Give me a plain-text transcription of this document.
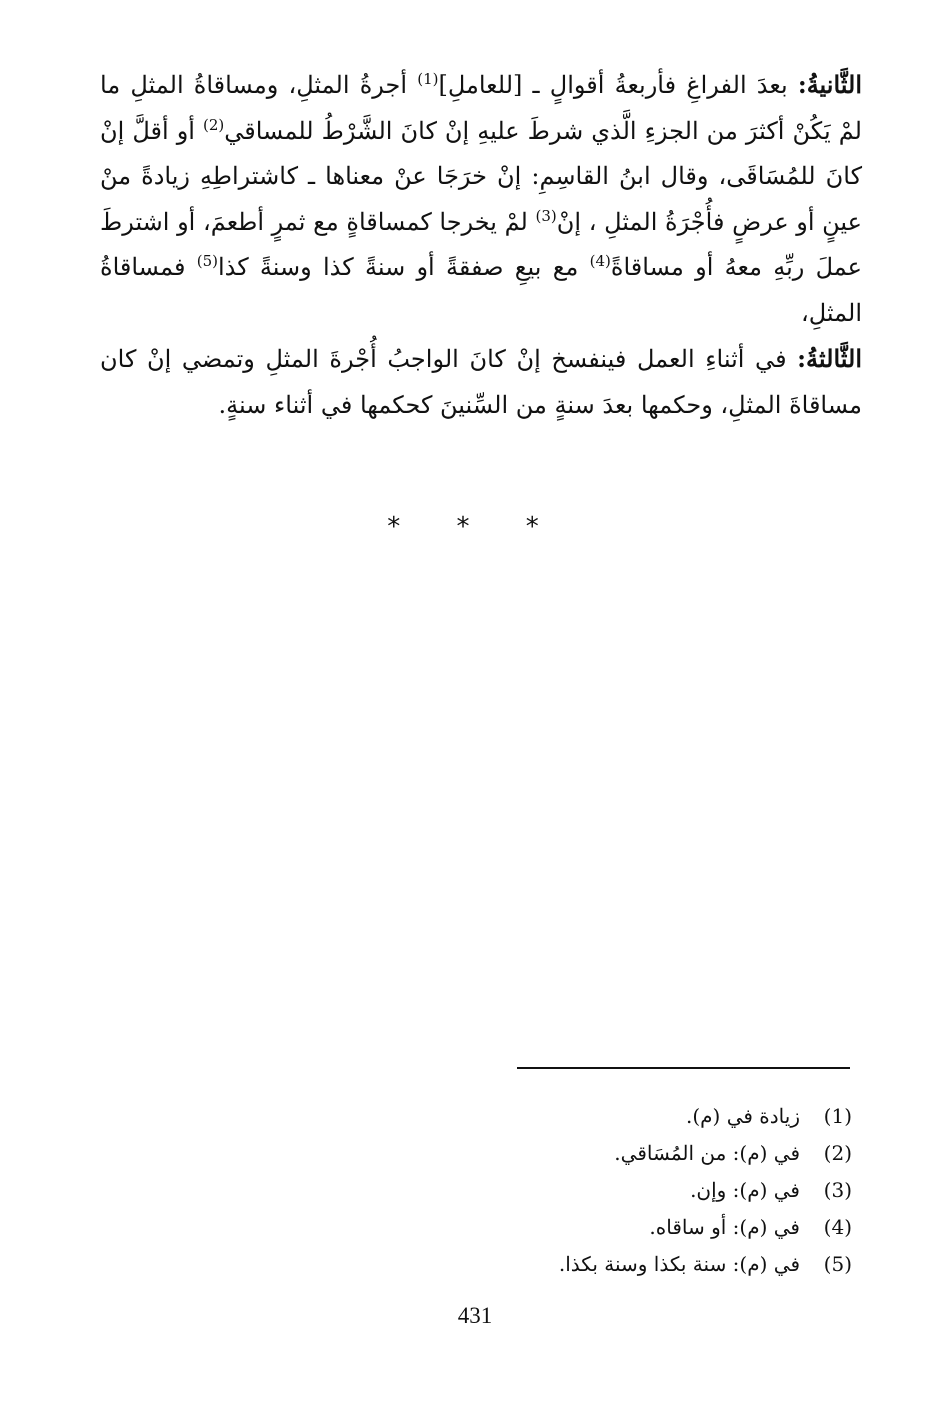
الثَّانيةُ: بعدَ الفراغِ فأربعةُ أقوالٍ ـ [للعاملِ]$^{(1)}$ أجرةُ المثلِ، ومساقاةُ المثلِ ما لمْ يَكُنْ أكثرَ من الجزءِ الَّذي شرطَ عليهِ إنْ كانَ الشَّرْطُ للمساقي$^{(2)}$ أو أقلَّ إنْ كانَ للمُسَاقَى، وقال ابنُ القاسِمِ: إنْ خرَجَا عنْ معناها ـ كاشتراطِهِ زيادةً منْ عينٍ أو عرضٍ فأُجْرَةُ المثلِ ، إنْ$^{(3)}$ لمْ يخرجا كمساقاةٍ مع ثمرٍ أطعمَ، أو اشترطَ عملَ ربِّهِ معهُ أو مساقاةً$^{(4)}$ مع بيعِ صفقةً أو سنةً كذا وسنةً كذا$^{(5)}$ فمساقاةُ المثلِ،

الثَّالثةُ: في أثناءِ العمل فينفسخ إنْ كانَ الواجبُ أُجْرةَ المثلِ وتمضي إنْ كان مساقاةَ المثلِ، وحكمها بعدَ سنةٍ من السِّنينَ كحكمها في أثناء سنةٍ.

* * *
(1)زيادة في (م).
(2)في (م): من المُسَاقي.
(3)في (م): وإن.
(4)في (م): أو ساقاه.
(5)في (م): سنة بكذا وسنة بكذا.
431
